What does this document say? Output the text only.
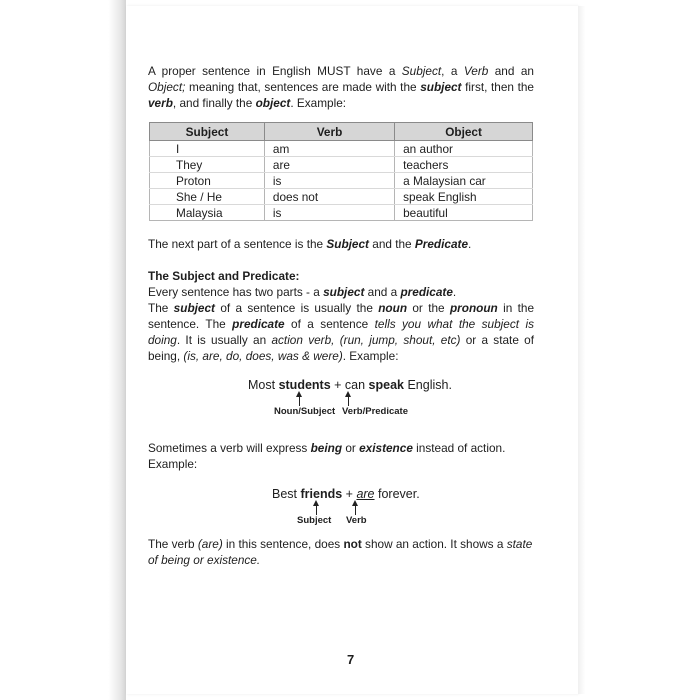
A proper sentence in English MUST have a Subject, a Verb and an Object; meaning that, sentences are made with the subject first, then the verb, and finally the object. Example:
Subject	Verb	Object
I	am	an author
They	are	teachers
Proton	is	a Malaysian car
She / He	does not	speak English
Malaysia	is	beautiful
The next part of a sentence is the Subject and the Predicate.
The Subject and Predicate:
Every sentence has two parts - a subject and a predicate.
The subject of a sentence is usually the noun or the pronoun in the sentence. The predicate of a sentence tells you what the subject is doing. It is usually an action verb, (run, jump, shout, etc) or a state of being, (is, are, do, does, was & were). Example:
Most students + can speak English.
Noun/Subject Verb/Predicate
Sometimes a verb will express being or existence instead of action. Example:
Best friends + are forever.
Subject Verb
The verb (are) in this sentence, does not show an action. It shows a state of being or existence.
7
